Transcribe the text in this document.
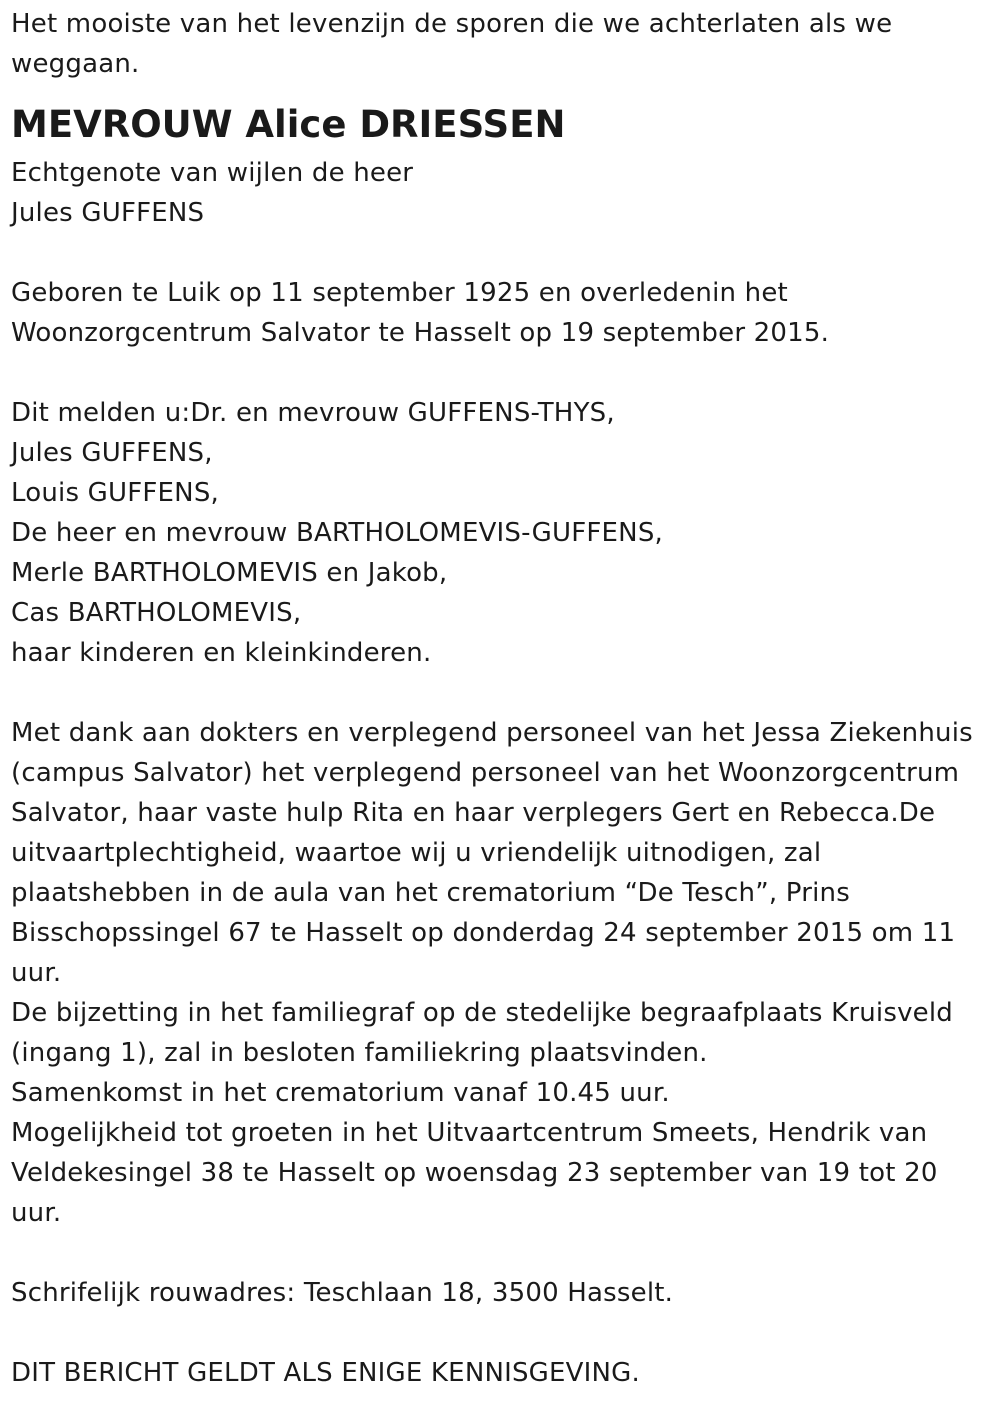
Het mooiste van het levenzijn de sporen die we achterlaten als we
weggaan.
MEVROUW Alice DRIESSEN
Echtgenote van wijlen de heer
Jules GUFFENS
Geboren te Luik op 11 september 1925 en overledenin het
Woonzorgcentrum Salvator te Hasselt op 19 september 2015.
Dit melden u:Dr. en mevrouw GUFFENS-THYS,
Jules GUFFENS,
Louis GUFFENS,
De heer en mevrouw BARTHOLOMEVIS-GUFFENS,
Merle BARTHOLOMEVIS en Jakob,
Cas BARTHOLOMEVIS,
haar kinderen en kleinkinderen.
Met dank aan dokters en verplegend personeel van het Jessa Ziekenhuis
(campus Salvator) het verplegend personeel van het Woonzorgcentrum
Salvator, haar vaste hulp Rita en haar verplegers Gert en Rebecca.De
uitvaartplechtigheid, waartoe wij u vriendelijk uitnodigen, zal
plaatshebben in de aula van het crematorium “De Tesch”, Prins
Bisschopssingel 67 te Hasselt op donderdag 24 september 2015 om 11
uur.
De bijzetting in het familiegraf op de stedelijke begraafplaats Kruisveld
(ingang 1), zal in besloten familiekring plaatsvinden.
Samenkomst in het crematorium vanaf 10.45 uur.
Mogelijkheid tot groeten in het Uitvaartcentrum Smeets, Hendrik van
Veldekesingel 38 te Hasselt op woensdag 23 september van 19 tot 20
uur.
Schrifelijk rouwadres: Teschlaan 18, 3500 Hasselt.
DIT BERICHT GELDT ALS ENIGE KENNISGEVING.
